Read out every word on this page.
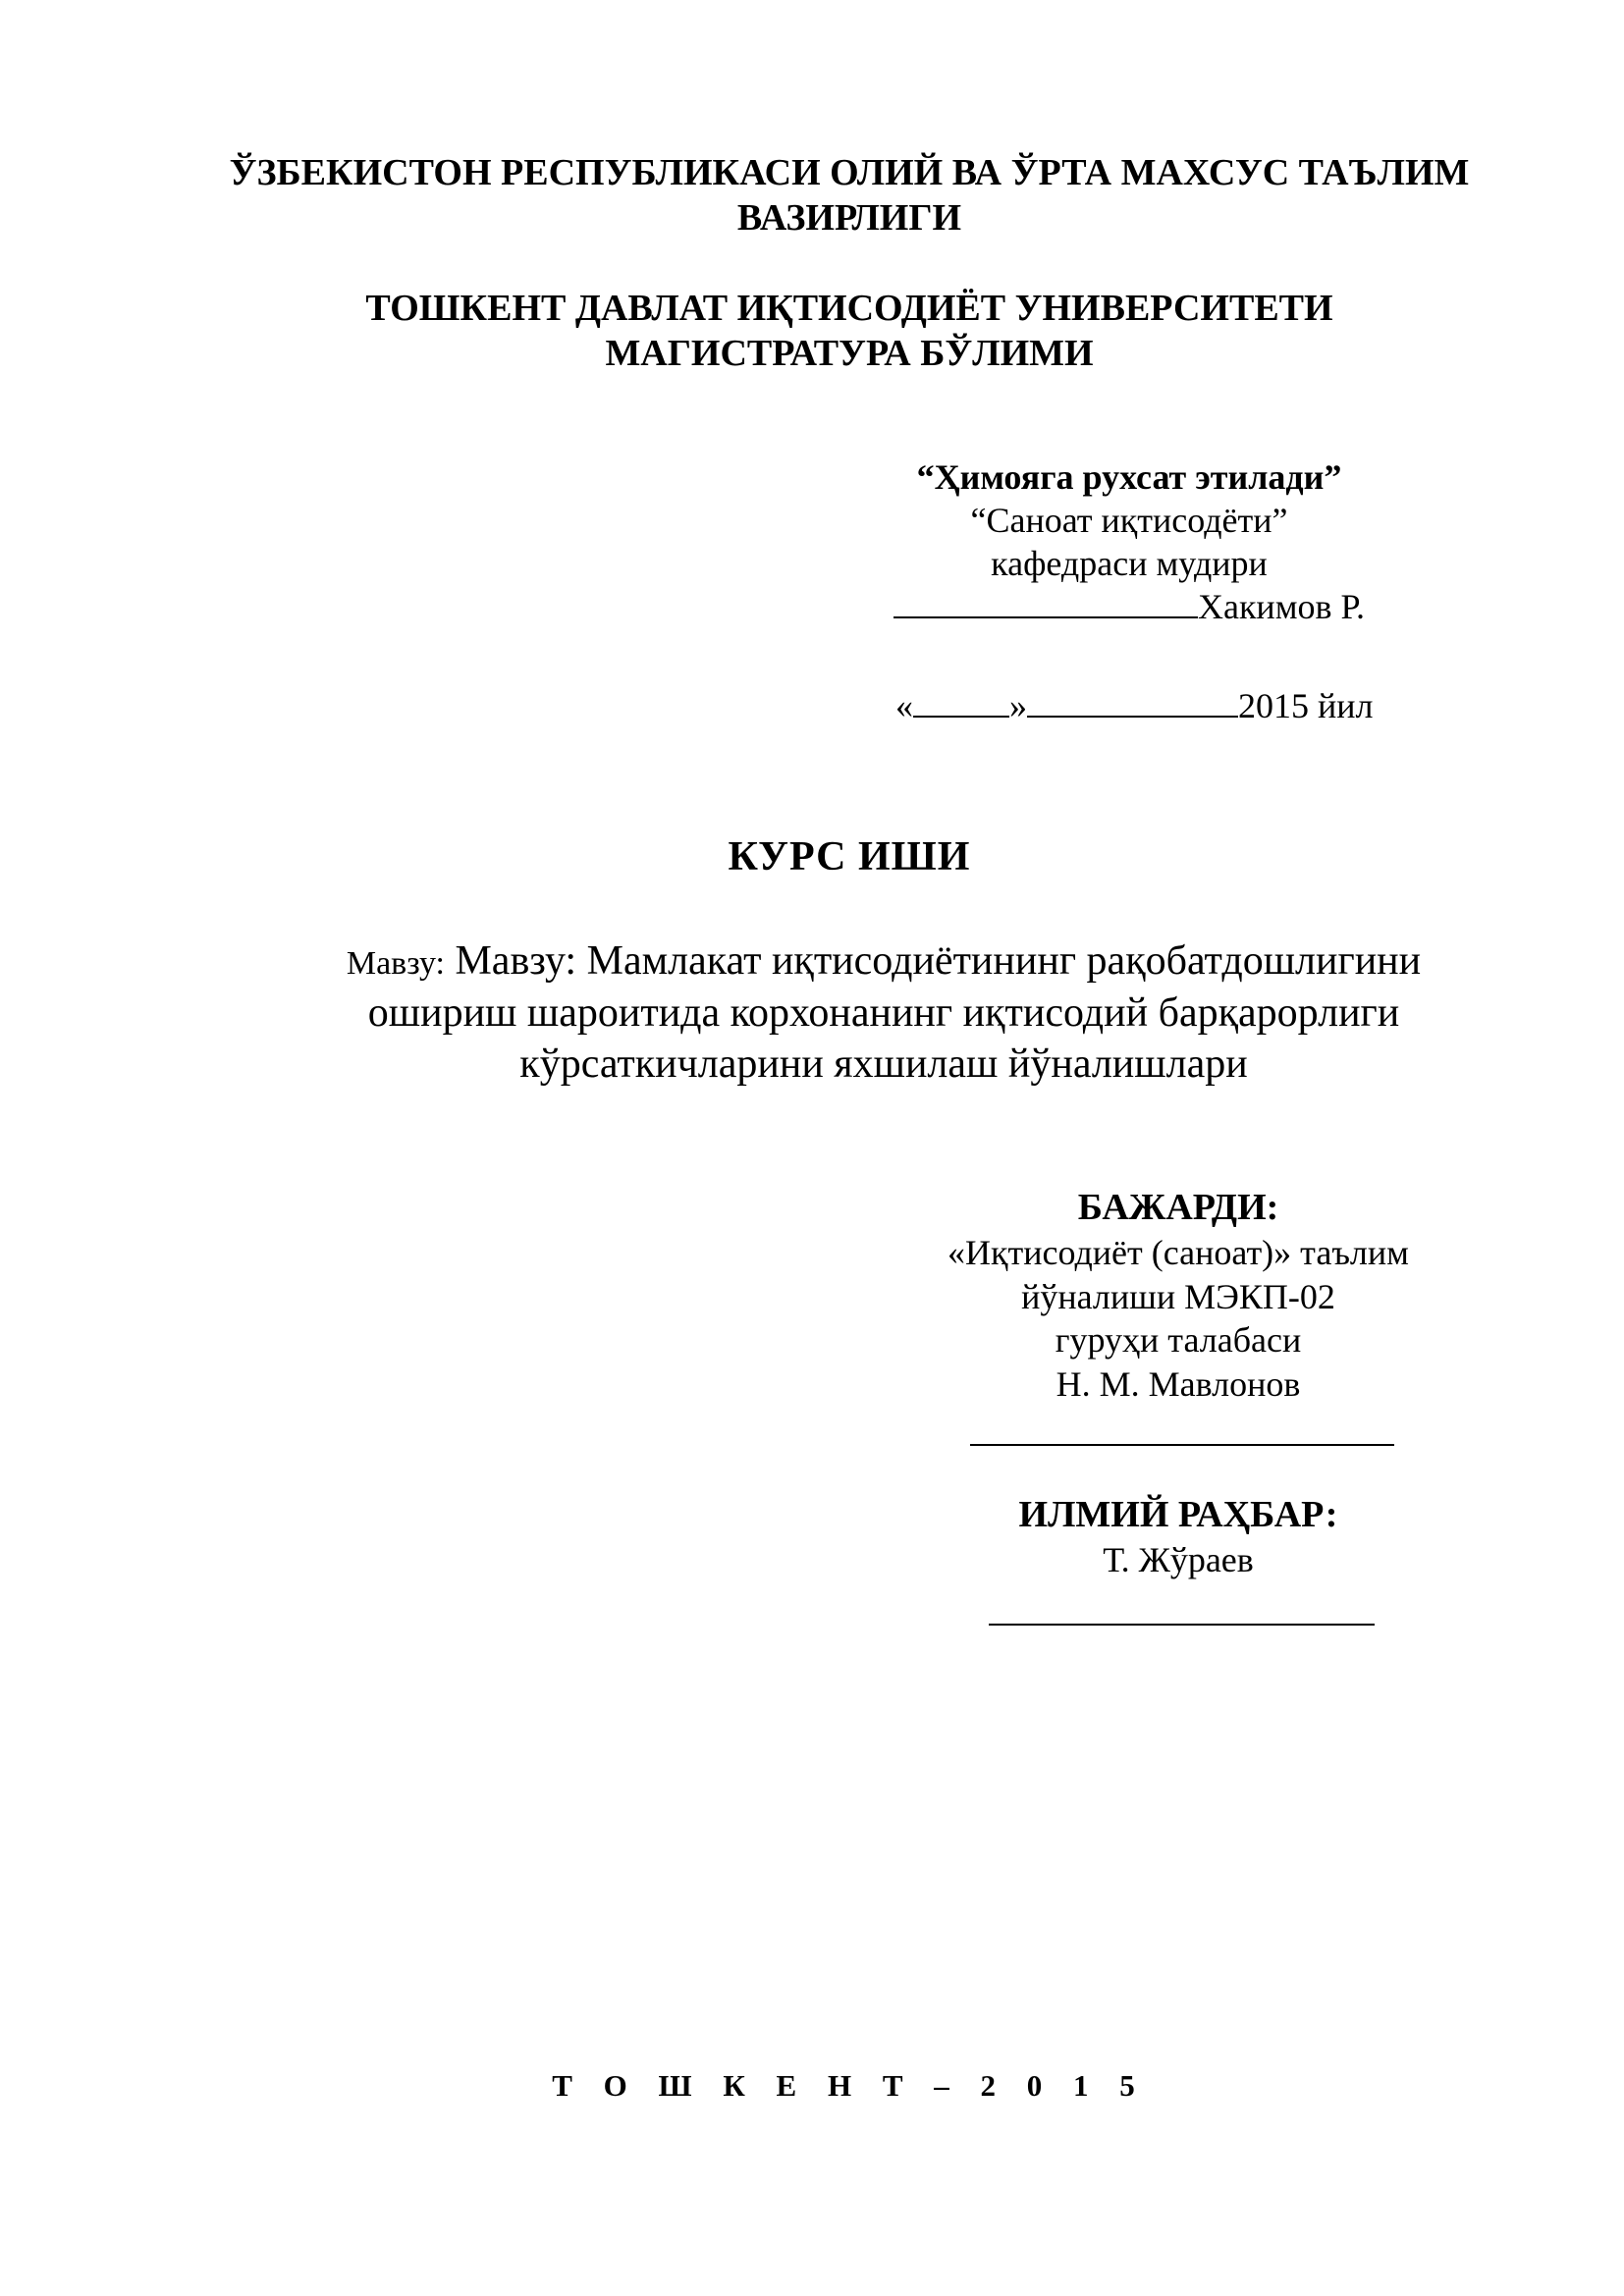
ЎЗБЕКИСТОН РЕСПУБЛИКАСИ ОЛИЙ ВА ЎРТА МАХСУС ТАЪЛИМ
ВАЗИРЛИГИ
ТОШКЕНТ ДАВЛАТ ИҚТИСОДИЁТ УНИВЕРСИТЕТИ
МАГИСТРАТУРА БЎЛИМИ
“Ҳимояга рухсат этилади”
“Саноат иқтисодёти”
кафедраси мудири
Хакимов Р.
«	»	2015 йил
КУРС ИШИ
Мавзу: Мавзу: Мамлакат иқтисодиётининг рақобатдошлигини
ошириш шароитида корхонанинг иқтисодий барқарорлиги
кўрсаткичларини яхшилаш йўналишлари
БАЖАРДИ:
«Иқтисодиёт (саноат)» таълим
йўналиши МЭКП-02
гуруҳи талабаси
Н. М. Мавлонов
ИЛМИЙ РАҲБАР:
Т. Жўраев
Т О Ш К Е Н Т – 2 0 1 5
